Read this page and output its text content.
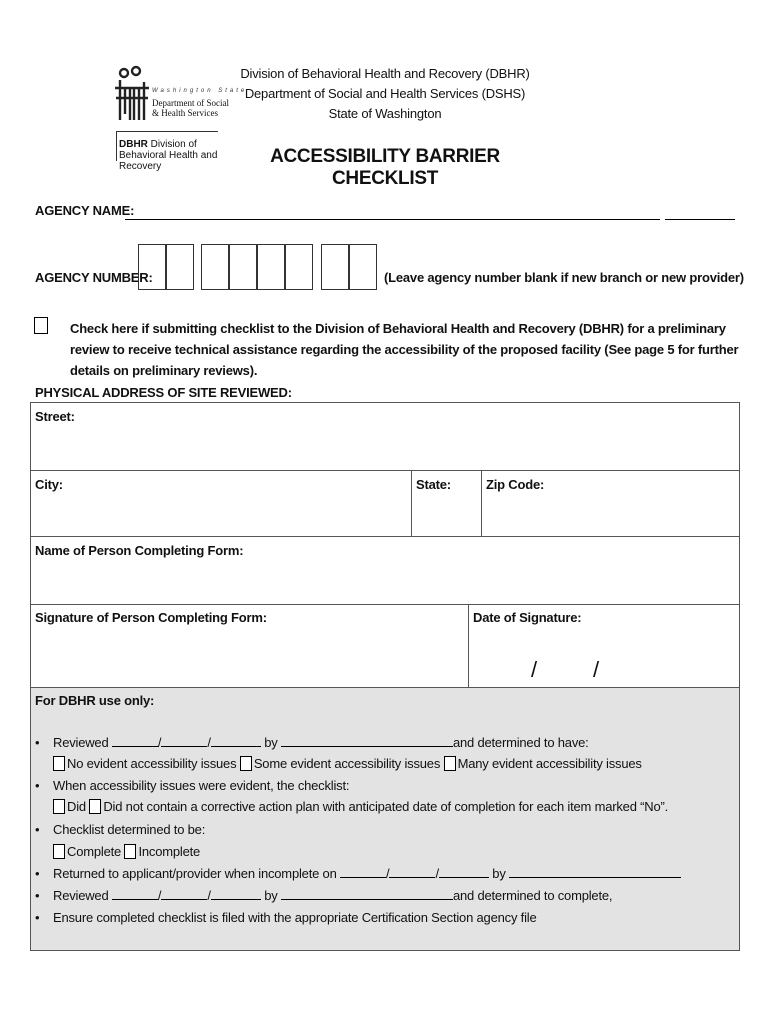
Washington State
Department of Social & Health Services
DBHR Division of Behavioral Health and Recovery
Division of Behavioral Health and Recovery (DBHR)
Department of Social and Health Services (DSHS)
State of Washington
ACCESSIBILITY BARRIER CHECKLIST
AGENCY NAME:
AGENCY NUMBER:	(Leave agency number blank if new branch or new provider)
Check here if submitting checklist to the Division of Behavioral Health and Recovery (DBHR) for a preliminary review to receive technical assistance regarding the accessibility of the proposed facility (See page 5 for further details on preliminary reviews).
PHYSICAL ADDRESS OF SITE REVIEWED:
Street:
City:	State:	Zip Code:
Name of Person Completing Form:
Signature of Person Completing Form:	Date of Signature:
/	/
For DBHR use only:
• Reviewed	/	/	by	and determined to have:
No evident accessibility issues Some evident accessibility issues Many evident accessibility issues
• When accessibility issues were evident, the checklist:
Did Did not contain a corrective action plan with anticipated date of completion for each item marked “No”.
• Checklist determined to be:
Complete Incomplete
• Returned to applicant/provider when incomplete on	/	/	by
• Reviewed	/	/	by	and determined to complete,
• Ensure completed checklist is filed with the appropriate Certification Section agency file
